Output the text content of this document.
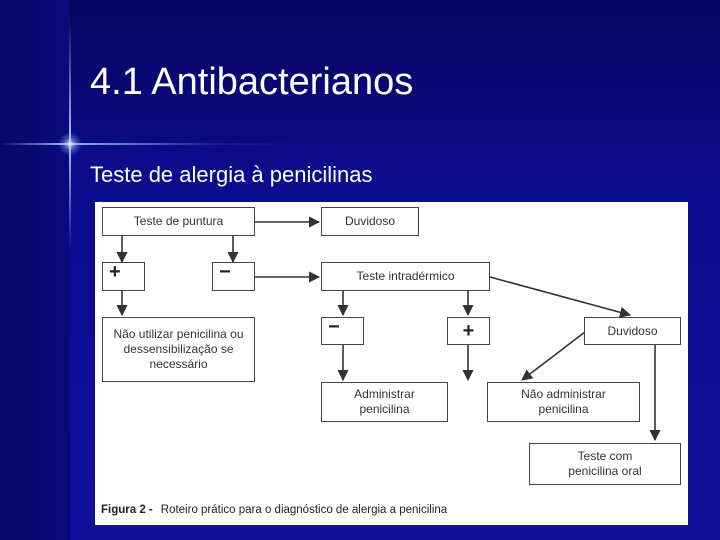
4.1 Antibacterianos
Teste de alergia à penicilinas
Teste de puntura	Duvidoso
+	−	Teste intradérmico
Não utilizar penicilina ou dessensibilização se necessário
−	+	Duvidoso
Administrar penicilina
Não administrar penicilina
Teste com penicilina oral
Figura 2 - Roteiro prático para o diagnóstico de alergia a penicilina
